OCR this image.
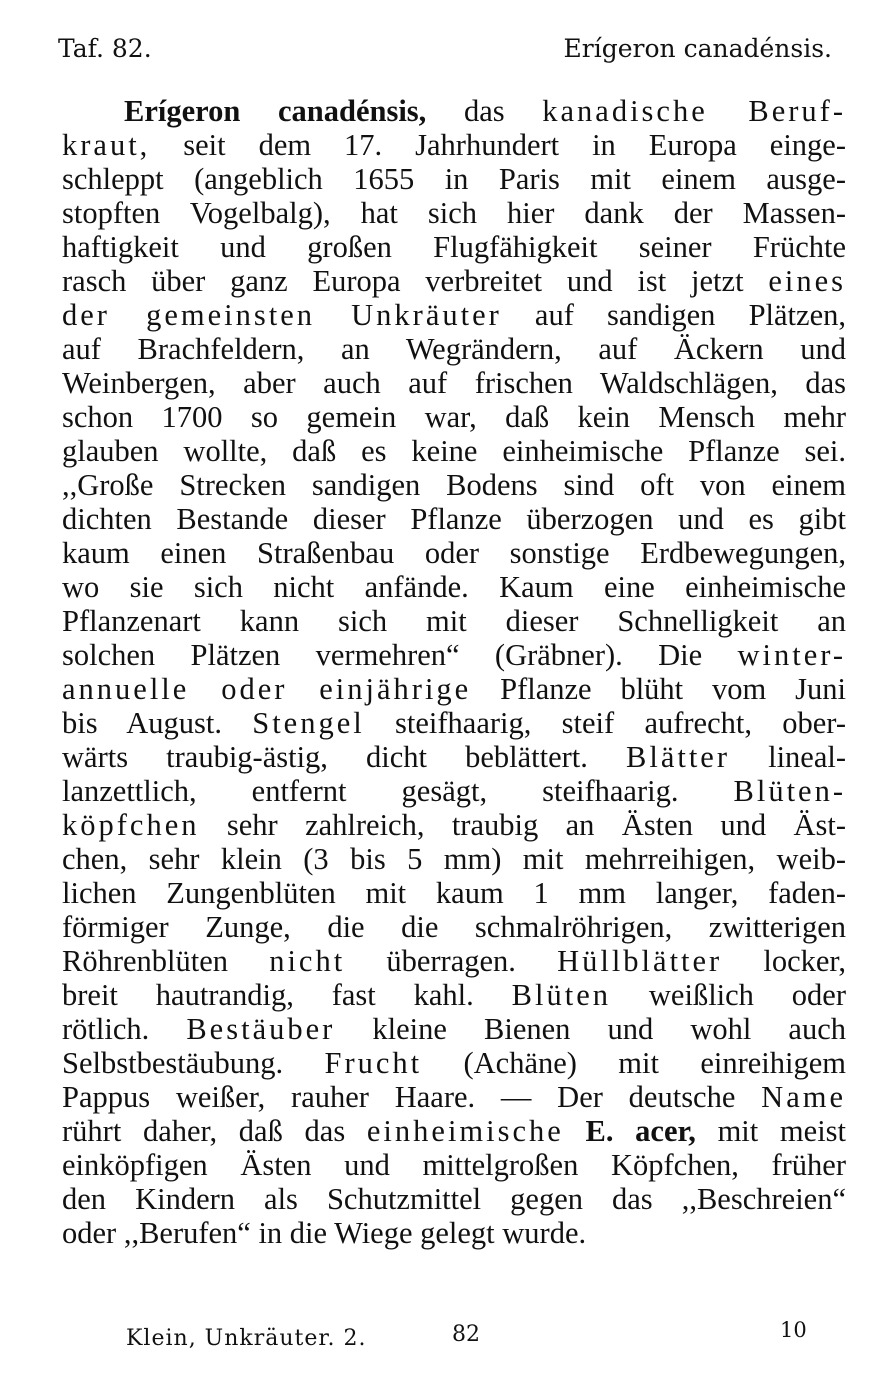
Taf. 82.	Erígeron canadénsis.
Erígeron canadénsis, das kanadische Beruf-
kraut, seit dem 17. Jahrhundert in Europa einge-
schleppt (angeblich 1655 in Paris mit einem ausge-
stopften Vogelbalg), hat sich hier dank der Massen-
haftigkeit und großen Flugfähigkeit seiner Früchte
rasch über ganz Europa verbreitet und ist jetzt eines
der gemeinsten Unkräuter auf sandigen Plätzen,
auf Brachfeldern, an Wegrändern, auf Äckern und
Weinbergen, aber auch auf frischen Waldschlägen, das
schon 1700 so gemein war, daß kein Mensch mehr
glauben wollte, daß es keine einheimische Pflanze sei.
,,Große Strecken sandigen Bodens sind oft von einem
dichten Bestande dieser Pflanze überzogen und es gibt
kaum einen Straßenbau oder sonstige Erdbewegungen,
wo sie sich nicht anfände. Kaum eine einheimische
Pflanzenart kann sich mit dieser Schnelligkeit an
solchen Plätzen vermehren“ (Gräbner). Die winter-
annuelle oder einjährige Pflanze blüht vom Juni
bis August. Stengel steifhaarig, steif aufrecht, ober-
wärts traubig-ästig, dicht beblättert. Blätter lineal-
lanzettlich, entfernt gesägt, steifhaarig. Blüten-
köpfchen sehr zahlreich, traubig an Ästen und Äst-
chen, sehr klein (3 bis 5 mm) mit mehrreihigen, weib-
lichen Zungenblüten mit kaum 1 mm langer, faden-
förmiger Zunge, die die schmalröhrigen, zwitterigen
Röhrenblüten nicht überragen. Hüllblätter locker,
breit hautrandig, fast kahl. Blüten weißlich oder
rötlich. Bestäuber kleine Bienen und wohl auch
Selbstbestäubung. Frucht (Achäne) mit einreihigem
Pappus weißer, rauher Haare. — Der deutsche Name
rührt daher, daß das einheimische E. acer, mit meist
einköpfigen Ästen und mittelgroßen Köpfchen, früher
den Kindern als Schutzmittel gegen das ,,Beschreien“
oder ,,Berufen“ in die Wiege gelegt wurde.
Klein, Unkräuter. 2.	82	10
